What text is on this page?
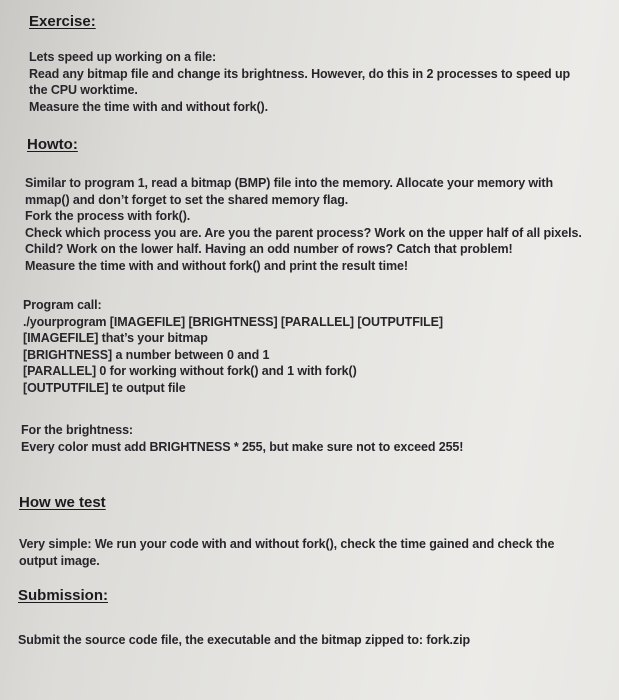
Exercise:
Lets speed up working on a file:
Read any bitmap file and change its brightness. However, do this in 2 processes to speed up
the CPU worktime.
Measure the time with and without fork().
Howto:
Similar to program 1, read a bitmap (BMP) file into the memory. Allocate your memory with
mmap() and don’t forget to set the shared memory flag.
Fork the process with fork().
Check which process you are. Are you the parent process? Work on the upper half of all pixels.
Child? Work on the lower half. Having an odd number of rows? Catch that problem!
Measure the time with and without fork() and print the result time!
Program call:
./yourprogram [IMAGEFILE] [BRIGHTNESS] [PARALLEL] [OUTPUTFILE]
[IMAGEFILE] that’s your bitmap
[BRIGHTNESS] a number between 0 and 1
[PARALLEL] 0 for working without fork() and 1 with fork()
[OUTPUTFILE] te output file
For the brightness:
Every color must add BRIGHTNESS * 255, but make sure not to exceed 255!
How we test
Very simple: We run your code with and without fork(), check the time gained and check the
output image.
Submission:
Submit the source code file, the executable and the bitmap zipped to: fork.zip
